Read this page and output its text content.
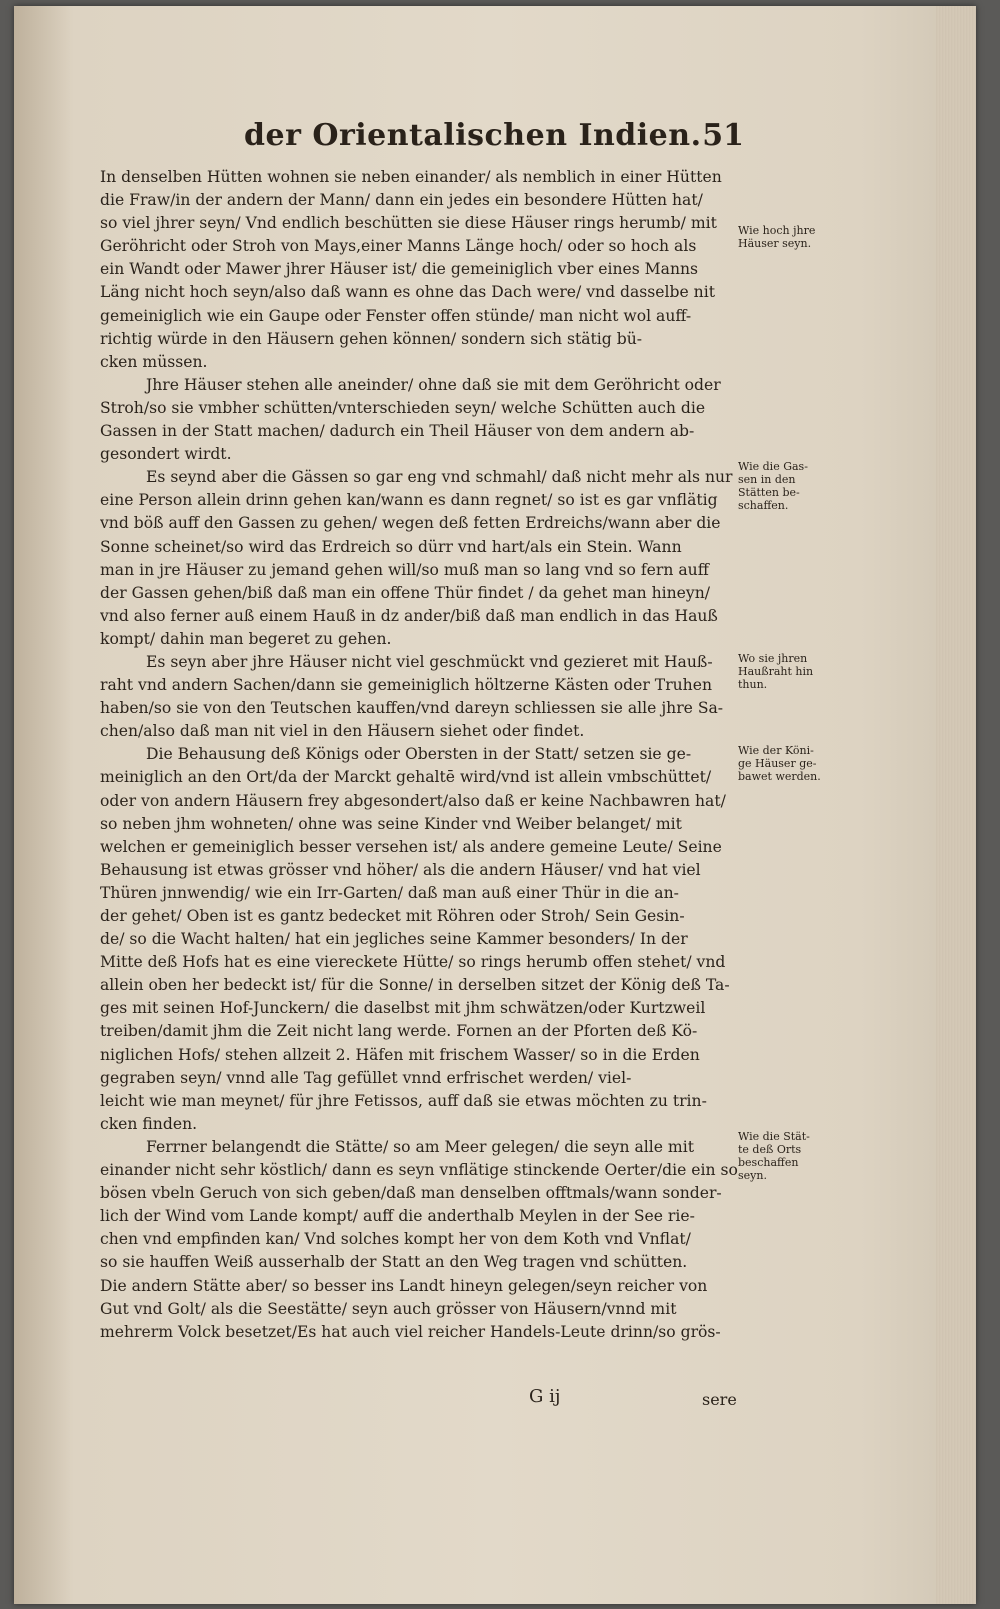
der Orientalischen Indien. 51
In denselben Hütten wohnen sie neben einander/ als nemblich in einer Hütten
die Fraw/in der andern der Mann/ dann ein jedes ein besondere Hütten hat/
so viel jhrer seyn/ Vnd endlich beschütten sie diese Häuser rings herumb/ mit
Geröhricht oder Stroh von Mays,einer Manns Länge hoch/ oder so hoch als
ein Wandt oder Mawer jhrer Häuser ist/ die gemeiniglich vber eines Manns
Läng nicht hoch seyn/also daß wann es ohne das Dach were/ vnd dasselbe nit
gemeiniglich wie ein Gaupe oder Fenster offen stünde/ man nicht wol auff-
richtig würde in den Häusern gehen können/ sondern sich stätig bü-
cken müssen.
Jhre Häuser stehen alle aneinder/ ohne daß sie mit dem Geröhricht oder
Stroh/so sie vmbher schütten/vnterschieden seyn/ welche Schütten auch die
Gassen in der Statt machen/ dadurch ein Theil Häuser von dem andern ab-
gesondert wirdt.
Es seynd aber die Gässen so gar eng vnd schmahl/ daß nicht mehr als nur
eine Person allein drinn gehen kan/wann es dann regnet/ so ist es gar vnflätig
vnd böß auff den Gassen zu gehen/ wegen deß fetten Erdreichs/wann aber die
Sonne scheinet/so wird das Erdreich so dürr vnd hart/als ein Stein. Wann
man in jre Häuser zu jemand gehen will/so muß man so lang vnd so fern auff
der Gassen gehen/biß daß man ein offene Thür findet / da gehet man hineyn/
vnd also ferner auß einem Hauß in dz ander/biß daß man endlich in das Hauß
kompt/ dahin man begeret zu gehen.
Es seyn aber jhre Häuser nicht viel geschmückt vnd gezieret mit Hauß-
raht vnd andern Sachen/dann sie gemeiniglich höltzerne Kästen oder Truhen
haben/so sie von den Teutschen kauffen/vnd dareyn schliessen sie alle jhre Sa-
chen/also daß man nit viel in den Häusern siehet oder findet.
Die Behausung deß Königs oder Obersten in der Statt/ setzen sie ge-
meiniglich an den Ort/da der Marckt gehaltē wird/vnd ist allein vmbschüttet/
oder von andern Häusern frey abgesondert/also daß er keine Nachbawren hat/
so neben jhm wohneten/ ohne was seine Kinder vnd Weiber belanget/ mit
welchen er gemeiniglich besser versehen ist/ als andere gemeine Leute/ Seine
Behausung ist etwas grösser vnd höher/ als die andern Häuser/ vnd hat viel
Thüren jnnwendig/ wie ein Irr-Garten/ daß man auß einer Thür in die an-
der gehet/ Oben ist es gantz bedecket mit Röhren oder Stroh/ Sein Gesin-
de/ so die Wacht halten/ hat ein jegliches seine Kammer besonders/ In der
Mitte deß Hofs hat es eine viereckete Hütte/ so rings herumb offen stehet/ vnd
allein oben her bedeckt ist/ für die Sonne/ in derselben sitzet der König deß Ta-
ges mit seinen Hof-Junckern/ die daselbst mit jhm schwätzen/oder Kurtzweil
treiben/damit jhm die Zeit nicht lang werde. Fornen an der Pforten deß Kö-
niglichen Hofs/ stehen allzeit 2. Häfen mit frischem Wasser/ so in die Erden
gegraben seyn/ vnnd alle Tag gefüllet vnnd erfrischet werden/ viel-
leicht wie man meynet/ für jhre Fetissos, auff daß sie etwas möchten zu trin-
cken finden.
Ferrner belangendt die Stätte/ so am Meer gelegen/ die seyn alle mit
einander nicht sehr köstlich/ dann es seyn vnflätige stinckende Oerter/die ein so
bösen vbeln Geruch von sich geben/daß man denselben offtmals/wann sonder-
lich der Wind vom Lande kompt/ auff die anderthalb Meylen in der See rie-
chen vnd empfinden kan/ Vnd solches kompt her von dem Koth vnd Vnflat/
so sie hauffen Weiß ausserhalb der Statt an den Weg tragen vnd schütten.
Die andern Stätte aber/ so besser ins Landt hineyn gelegen/seyn reicher von
Gut vnd Golt/ als die Seestätte/ seyn auch grösser von Häusern/vnnd mit
mehrerm Volck besetzet/Es hat auch viel reicher Handels-Leute drinn/so grös-
Wie hoch jhre
Häuser seyn.
Wie die Gas-
sen in den
Stätten be-
schaffen.
Wo sie jhren
Haußraht hin
thun.
Wie der Köni-
ge Häuser ge-
bawet werden.
Wie die Stät-
te deß Orts
beschaffen
seyn.
G ij	sere
